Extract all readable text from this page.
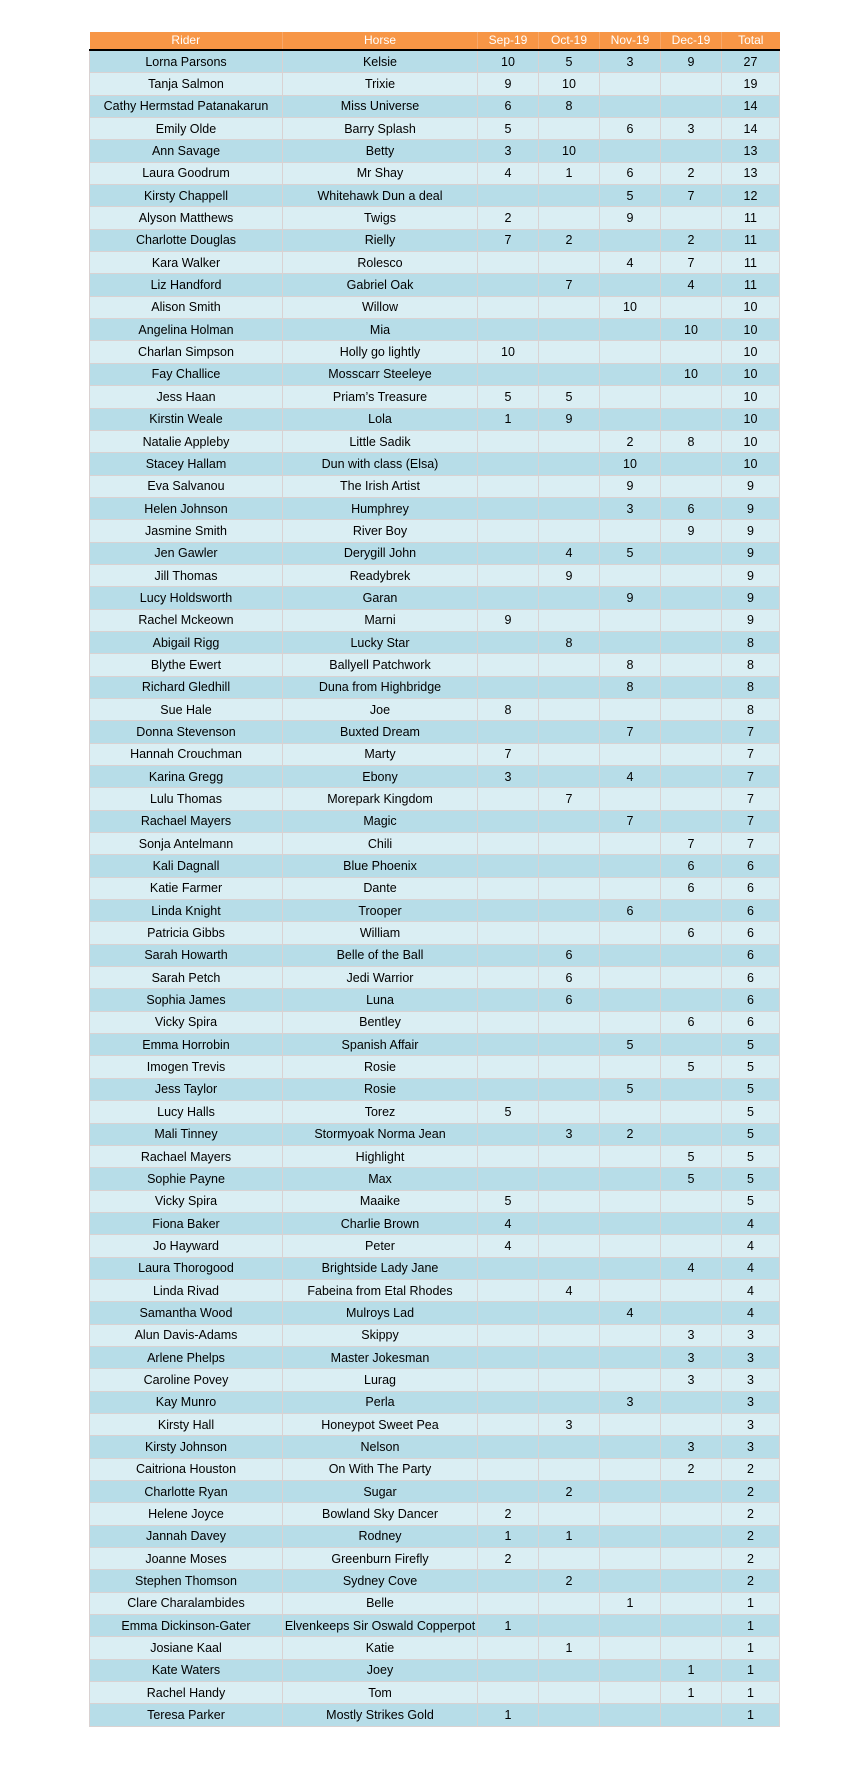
Rider	Horse	Sep-19	Oct-19	Nov-19	Dec-19	Total
Lorna Parsons	Kelsie	10	5	3	9	27
Tanja Salmon	Trixie	9	10			19
Cathy Hermstad Patanakarun	Miss Universe	6	8			14
Emily Olde	Barry Splash	5		6	3	14
Ann Savage	Betty	3	10			13
Laura Goodrum	Mr Shay	4	1	6	2	13
Kirsty Chappell	Whitehawk Dun a deal			5	7	12
Alyson Matthews	Twigs	2		9		11
Charlotte Douglas	Rielly	7	2		2	11
Kara Walker	Rolesco			4	7	11
Liz Handford	Gabriel Oak		7		4	11
Alison Smith	Willow			10		10
Angelina Holman	Mia				10	10
Charlan Simpson	Holly go lightly	10				10
Fay Challice	Mosscarr Steeleye				10	10
Jess Haan	Priam’s Treasure	5	5			10
Kirstin Weale	Lola	1	9			10
Natalie Appleby	Little Sadik			2	8	10
Stacey Hallam	Dun with class (Elsa)			10		10
Eva Salvanou	The Irish Artist			9		9
Helen Johnson	Humphrey			3	6	9
Jasmine Smith	River Boy				9	9
Jen Gawler	Derygill John		4	5		9
Jill Thomas	Readybrek		9			9
Lucy Holdsworth	Garan			9		9
Rachel Mckeown	Marni	9				9
Abigail Rigg	Lucky Star		8			8
Blythe Ewert	Ballyell Patchwork			8		8
Richard Gledhill	Duna from Highbridge			8		8
Sue Hale	Joe	8				8
Donna Stevenson	Buxted Dream			7		7
Hannah Crouchman	Marty	7				7
Karina Gregg	Ebony	3		4		7
Lulu Thomas	Morepark Kingdom		7			7
Rachael Mayers	Magic			7		7
Sonja Antelmann	Chili				7	7
Kali Dagnall	Blue Phoenix				6	6
Katie Farmer	Dante				6	6
Linda Knight	Trooper			6		6
Patricia Gibbs	William				6	6
Sarah Howarth	Belle of the Ball		6			6
Sarah Petch	Jedi Warrior		6			6
Sophia James	Luna		6			6
Vicky Spira	Bentley				6	6
Emma Horrobin	Spanish Affair			5		5
Imogen Trevis	Rosie				5	5
Jess Taylor	Rosie			5		5
Lucy Halls	Torez	5				5
Mali Tinney	Stormyoak Norma Jean		3	2		5
Rachael Mayers	Highlight				5	5
Sophie Payne	Max				5	5
Vicky Spira	Maaike	5				5
Fiona Baker	Charlie Brown	4				4
Jo Hayward	Peter	4				4
Laura Thorogood	Brightside Lady Jane				4	4
Linda Rivad	Fabeina from Etal Rhodes		4			4
Samantha Wood	Mulroys Lad			4		4
Alun Davis-Adams	Skippy				3	3
Arlene Phelps	Master Jokesman				3	3
Caroline Povey	Lurag				3	3
Kay Munro	Perla			3		3
Kirsty Hall	Honeypot Sweet Pea		3			3
Kirsty Johnson	Nelson				3	3
Caitriona Houston	On With The Party				2	2
Charlotte Ryan	Sugar		2			2
Helene Joyce	Bowland Sky Dancer	2				2
Jannah Davey	Rodney	1	1			2
Joanne Moses	Greenburn Firefly	2				2
Stephen Thomson	Sydney Cove		2			2
Clare Charalambides	Belle			1		1
Emma Dickinson-Gater	Elvenkeeps Sir Oswald Copperpot	1				1
Josiane Kaal	Katie		1			1
Kate Waters	Joey				1	1
Rachel Handy	Tom				1	1
Teresa Parker	Mostly Strikes Gold	1				1
